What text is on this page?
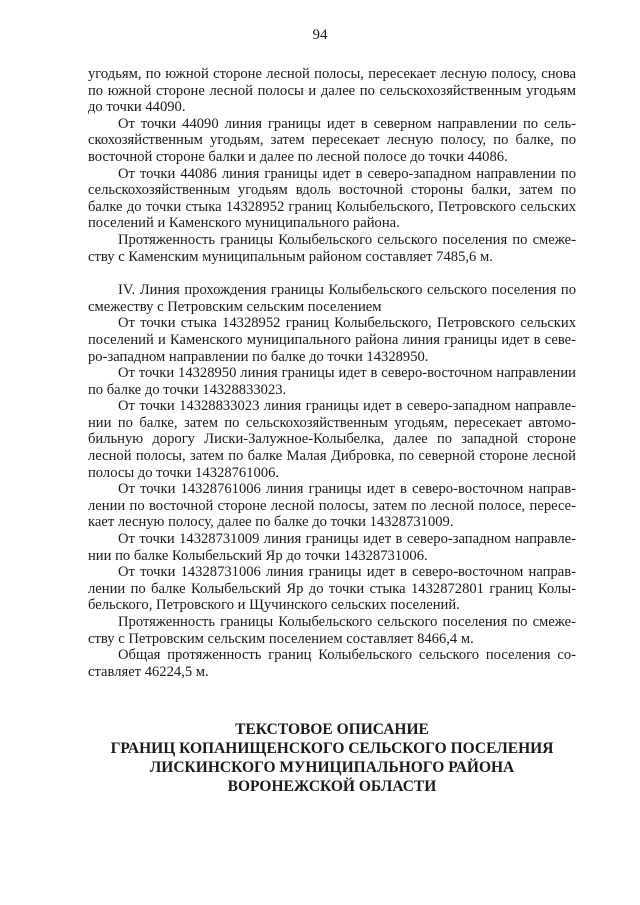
94

угодьям, по южной стороне лесной полосы, пересекает лесную полосу, снова по южной стороне лесной полосы и далее по сельскохозяйственным угодьям до точки 44090.

От точки 44090 линия границы идет в северном направлении по сельскохозяйственным угодьям, затем пересекает лесную полосу, по балке, по восточной стороне балки и далее по лесной полосе до точки 44086.

От точки 44086 линия границы идет в северо-западном направлении по сельскохозяйственным угодьям вдоль восточной стороны балки, затем по балке до точки стыка 14328952 границ Колыбельского, Петровского сельских поселений и Каменского муниципального района.

Протяженность границы Колыбельского сельского поселения по смежеству с Каменским муниципальным районом составляет 7485,6 м.

IV. Линия прохождения границы Колыбельского сельского поселения по смежеству с Петровским сельским поселением

От точки стыка 14328952 границ Колыбельского, Петровского сельских поселений и Каменского муниципального района линия границы идет в северо-западном направлении по балке до точки 14328950.

От точки 14328950 линия границы идет в северо-восточном направлении по балке до точки 14328833023.

От точки 14328833023 линия границы идет в северо-западном направлении по балке, затем по сельскохозяйственным угодьям, пересекает автомобильную дорогу Лиски-Залужное-Колыбелка, далее по западной стороне лесной полосы, затем по балке Малая Дибровка, по северной стороне лесной полосы до точки 14328761006.

От точки 14328761006 линия границы идет в северо-восточном направлении по восточной стороне лесной полосы, затем по лесной полосе, пересекает лесную полосу, далее по балке до точки 14328731009.

От точки 14328731009 линия границы идет в северо-западном направлении по балке Колыбельский Яр до точки 14328731006.

От точки 14328731006 линия границы идет в северо-восточном направлении по балке Колыбельский Яр до точки стыка 1432872801 границ Колыбельского, Петровского и Щучинского сельских поселений.

Протяженность границы Колыбельского сельского поселения по смежеству с Петровским сельским поселением составляет 8466,4 м.

Общая протяженность границ Колыбельского сельского поселения составляет 46224,5 м.

ТЕКСТОВОЕ ОПИСАНИЕ
ГРАНИЦ КОПАНИЩЕНСКОГО СЕЛЬСКОГО ПОСЕЛЕНИЯ
ЛИСКИНСКОГО МУНИЦИПАЛЬНОГО РАЙОНА
ВОРОНЕЖСКОЙ ОБЛАСТИ
